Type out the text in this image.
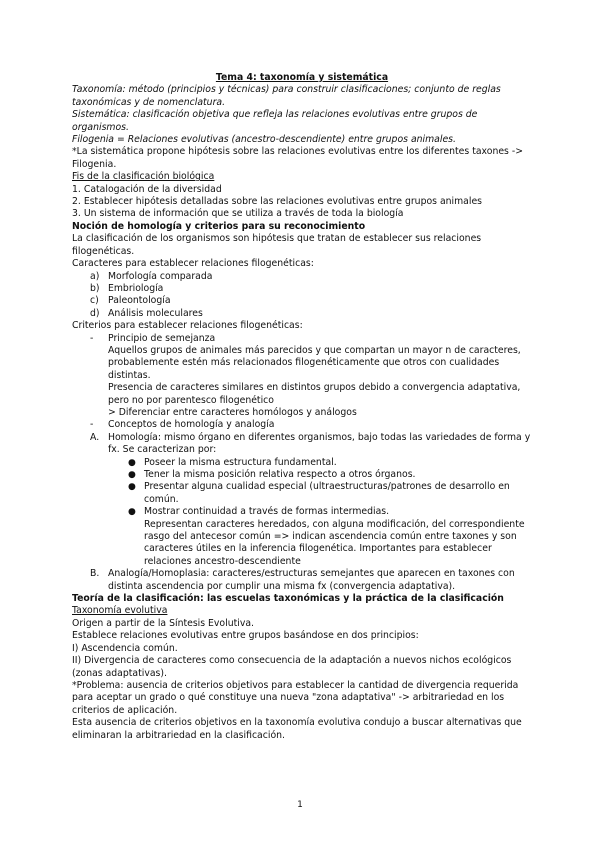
Tema 4: taxonomía y sistemática

Taxonomía: método (principios y técnicas) para construir clasificaciones; conjunto de reglas taxonómicas y de nomenclatura.

Sistemática: clasificación objetiva que refleja las relaciones evolutivas entre grupos de organismos.

Filogenia = Relaciones evolutivas (ancestro-descendiente) entre grupos animales.

*La sistemática propone hipótesis sobre las relaciones evolutivas entre los diferentes taxones -> Filogenia.

Fis de la clasificación biológica

1. Catalogación de la diversidad

2. Establecer hipótesis detalladas sobre las relaciones evolutivas entre grupos animales

3. Un sistema de información que se utiliza a través de toda la biología

Noción de homología y criterios para su reconocimiento

La clasificación de los organismos son hipótesis que tratan de establecer sus relaciones filogenéticas.

Caracteres para establecer relaciones filogenéticas:

a) Morfología comparada
b) Embriología
c) Paleontología
d) Análisis moleculares

Criterios para establecer relaciones filogenéticas:

-	Principio de semejanza

Aquellos grupos de animales más parecidos y que compartan un mayor n de caracteres, probablemente estén más relacionados filogenéticamente que otros con cualidades distintas.

Presencia de caracteres similares en distintos grupos debido a convergencia adaptativa, pero no por parentesco filogenético

> Diferenciar entre caracteres homólogos y análogos

-	Conceptos de homología y analogía
A. Homología: mismo órgano en diferentes organismos, bajo todas las variedades de forma y fx. Se caracterizan por:
● Poseer la misma estructura fundamental.
● Tener la misma posición relativa respecto a otros órganos.
● Presentar alguna cualidad especial (ultraestructuras/patrones de desarrollo en común.
● Mostrar continuidad a través de formas intermedias.

Representan caracteres heredados, con alguna modificación, del correspondiente rasgo del antecesor común => indican ascendencia común entre taxones y son caracteres útiles en la inferencia filogenética. Importantes para establecer relaciones ancestro-descendiente

B. Analogía/Homoplasia: caracteres/estructuras semejantes que aparecen en taxones con distinta ascendencia por cumplir una misma fx (convergencia adaptativa).

Teoría de la clasificación: las escuelas taxonómicas y la práctica de la clasificación

Taxonomía evolutiva

Origen a partir de la Síntesis Evolutiva.

Establece relaciones evolutivas entre grupos basándose en dos principios:

I) Ascendencia común.

II) Divergencia de caracteres como consecuencia de la adaptación a nuevos nichos ecológicos (zonas adaptativas).

*Problema: ausencia de criterios objetivos para establecer la cantidad de divergencia requerida para aceptar un grado o qué constituye una nueva "zona adaptativa" -> arbitrariedad en los criterios de aplicación.

Esta ausencia de criterios objetivos en la taxonomía evolutiva condujo a buscar alternativas que eliminaran la arbitrariedad en la clasificación.

1
